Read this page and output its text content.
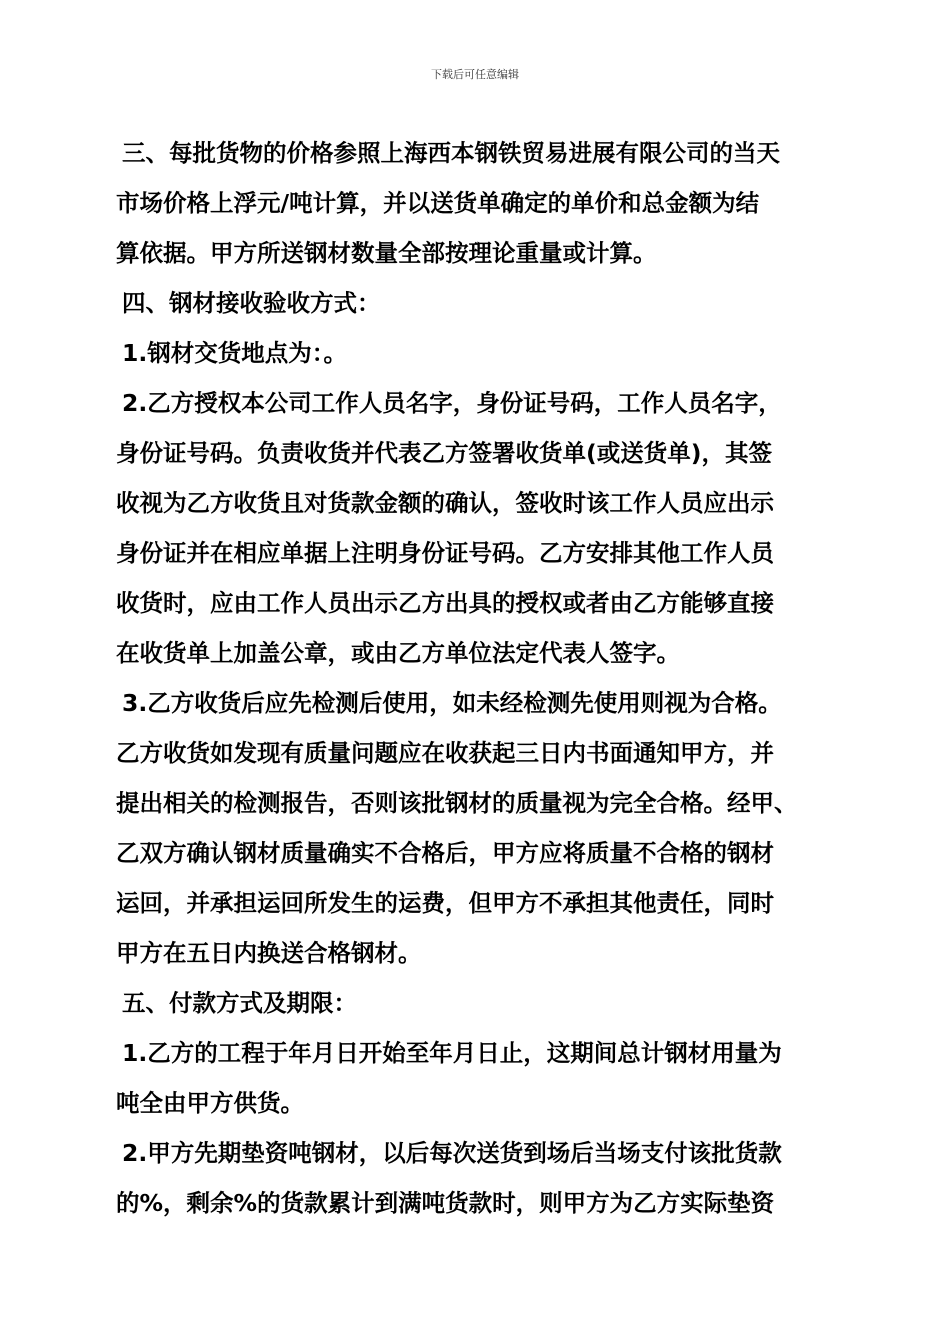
下载后可任意编辑
三、每批货物的价格参照上海西本钢铁贸易进展有限公司的当天
市场价格上浮元/吨计算，并以送货单确定的单价和总金额为结
算依据。甲方所送钢材数量全部按理论重量或计算。
四、钢材接收验收方式：
1.钢材交货地点为：。
2.乙方授权本公司工作人员名字，身份证号码，工作人员名字，
身份证号码。负责收货并代表乙方签署收货单(或送货单)，其签
收视为乙方收货且对货款金额的确认，签收时该工作人员应出示
身份证并在相应单据上注明身份证号码。乙方安排其他工作人员
收货时，应由工作人员出示乙方出具的授权或者由乙方能够直接
在收货单上加盖公章，或由乙方单位法定代表人签字。
3.乙方收货后应先检测后使用，如未经检测先使用则视为合格。
乙方收货如发现有质量问题应在收获起三日内书面通知甲方，并
提出相关的检测报告，否则该批钢材的质量视为完全合格。经甲、
乙双方确认钢材质量确实不合格后，甲方应将质量不合格的钢材
运回，并承担运回所发生的运费，但甲方不承担其他责任，同时
甲方在五日内换送合格钢材。
五、付款方式及期限：
1.乙方的工程于年月日开始至年月日止，这期间总计钢材用量为
吨全由甲方供货。
2.甲方先期垫资吨钢材，以后每次送货到场后当场支付该批货款
的%，剩余%的货款累计到满吨货款时，则甲方为乙方实际垫资
